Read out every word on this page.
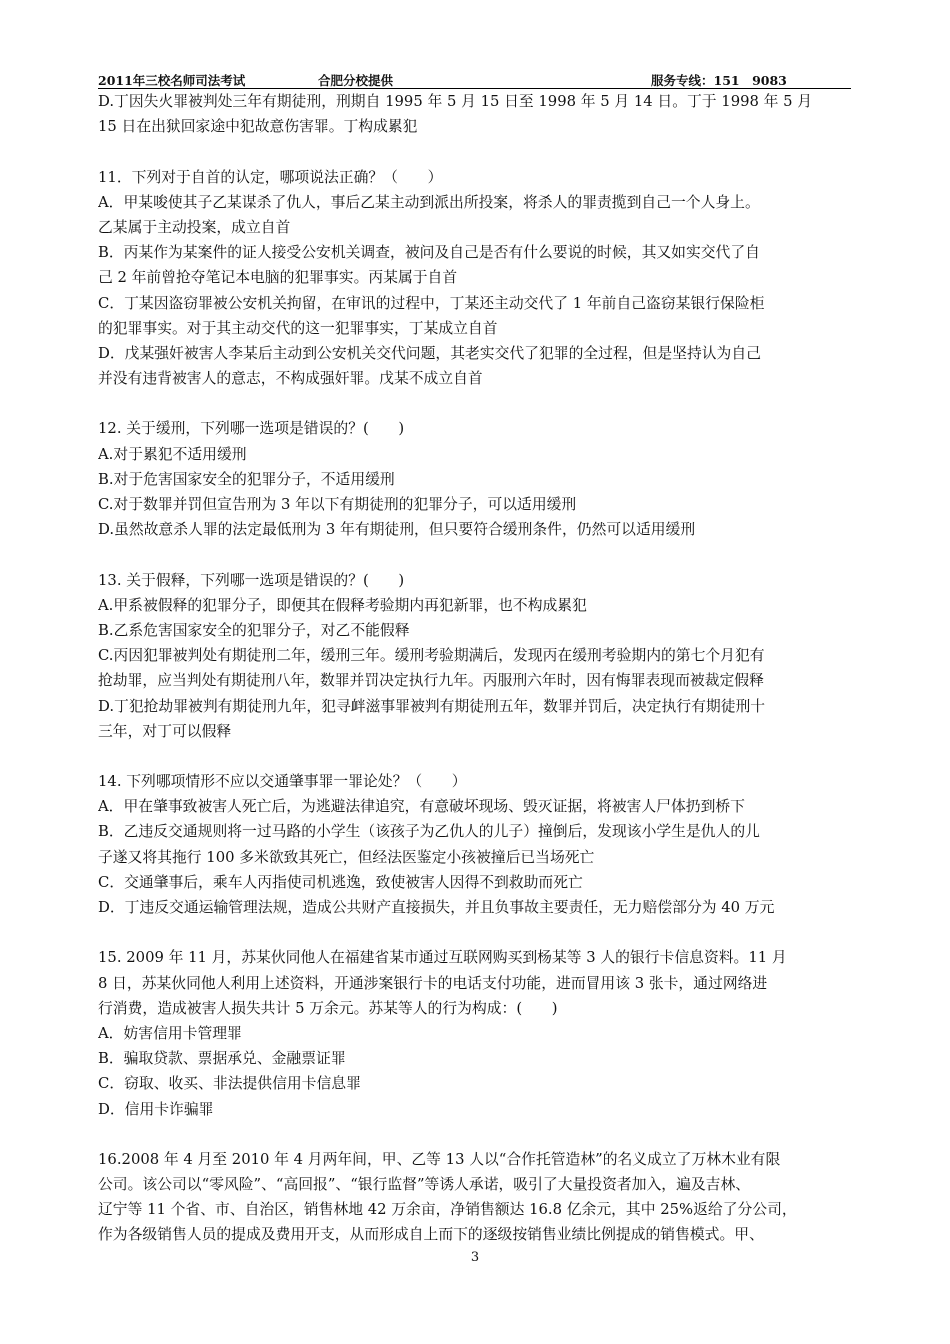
2011年三校名师司法考试	合肥分校提供	服务专线：151　9083
D.丁因失火罪被判处三年有期徒刑，刑期自 1995 年 5 月 15 日至 1998 年 5 月 14 日。丁于 1998 年 5 月
15 日在出狱回家途中犯故意伤害罪。丁构成累犯
11．下列对于自首的认定，哪项说法正确？（　　）
A．甲某唆使其子乙某谋杀了仇人，事后乙某主动到派出所投案，将杀人的罪责揽到自己一个人身上。
乙某属于主动投案，成立自首
B．丙某作为某案件的证人接受公安机关调查，被问及自己是否有什么要说的时候，其又如实交代了自
己 2 年前曾抢夺笔记本电脑的犯罪事实。丙某属于自首
C．丁某因盗窃罪被公安机关拘留，在审讯的过程中，丁某还主动交代了 1 年前自己盗窃某银行保险柜
的犯罪事实。对于其主动交代的这一犯罪事实，丁某成立自首
D．戊某强奸被害人李某后主动到公安机关交代问题，其老实交代了犯罪的全过程，但是坚持认为自己
并没有违背被害人的意志，不构成强奸罪。戊某不成立自首
12. 关于缓刑，下列哪一选项是错误的？(　　)
A.对于累犯不适用缓刑
B.对于危害国家安全的犯罪分子，不适用缓刑
C.对于数罪并罚但宣告刑为 3 年以下有期徒刑的犯罪分子，可以适用缓刑
D.虽然故意杀人罪的法定最低刑为 3 年有期徒刑，但只要符合缓刑条件，仍然可以适用缓刑
13. 关于假释，下列哪一选项是错误的？(　　)
A.甲系被假释的犯罪分子，即便其在假释考验期内再犯新罪，也不构成累犯
B.乙系危害国家安全的犯罪分子，对乙不能假释
C.丙因犯罪被判处有期徒刑二年，缓刑三年。缓刑考验期满后，发现丙在缓刑考验期内的第七个月犯有
抢劫罪，应当判处有期徒刑八年，数罪并罚决定执行九年。丙服刑六年时，因有悔罪表现而被裁定假释
D.丁犯抢劫罪被判有期徒刑九年，犯寻衅滋事罪被判有期徒刑五年，数罪并罚后，决定执行有期徒刑十
三年，对丁可以假释
14. 下列哪项情形不应以交通肇事罪一罪论处？（　　）
A．甲在肇事致被害人死亡后，为逃避法律追究，有意破坏现场、毁灭证据，将被害人尸体扔到桥下
B．乙违反交通规则将一过马路的小学生（该孩子为乙仇人的儿子）撞倒后，发现该小学生是仇人的儿
子遂又将其拖行 100 多米欲致其死亡，但经法医鉴定小孩被撞后已当场死亡
C．交通肇事后，乘车人丙指使司机逃逸，致使被害人因得不到救助而死亡
D．丁违反交通运输管理法规，造成公共财产直接损失，并且负事故主要责任，无力赔偿部分为 40 万元
15. 2009 年 11 月，苏某伙同他人在福建省某市通过互联网购买到杨某等 3 人的银行卡信息资料。11 月
8 日，苏某伙同他人利用上述资料，开通涉案银行卡的电话支付功能，进而冒用该 3 张卡，通过网络进
行消费，造成被害人损失共计 5 万余元。苏某等人的行为构成：(　　)
A．妨害信用卡管理罪
B．骗取贷款、票据承兑、金融票证罪
C．窃取、收买、非法提供信用卡信息罪
D．信用卡诈骗罪
16.2008 年 4 月至 2010 年 4 月两年间，甲、乙等 13 人以“合作托管造林”的名义成立了万林木业有限
公司。该公司以“零风险”、“高回报”、“银行监督”等诱人承诺，吸引了大量投资者加入，遍及吉林、
辽宁等 11 个省、市、自治区，销售林地 42 万余亩，净销售额达 16.8 亿余元，其中 25%返给了分公司，
作为各级销售人员的提成及费用开支，从而形成自上而下的逐级按销售业绩比例提成的销售模式。甲、
3
